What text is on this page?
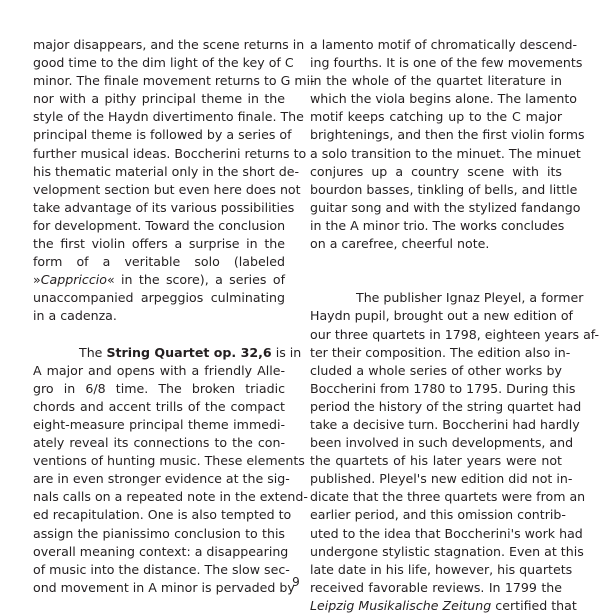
major disappears, and the scene returns in
good time to the dim light of the key of C
minor. The finale movement returns to G mi-
nor with a pithy principal theme in the
style of the Haydn divertimento finale. The
principal theme is followed by a series of
further musical ideas. Boccherini returns to
his thematic material only in the short de-
velopment section but even here does not
take advantage of its various possibilities
for development. Toward the conclusion
the first violin offers a surprise in the
form of a veritable solo (labeled
»Cappriccio« in the score), a series of
unaccompanied arpeggios culminating
in a cadenza.
The String Quartet op. 32,6 is in
A major and opens with a friendly Alle-
gro in 6/8 time. The broken triadic
chords and accent trills of the compact
eight-measure principal theme immedi-
ately reveal its connections to the con-
ventions of hunting music. These elements
are in even stronger evidence at the sig-
nals calls on a repeated note in the extend-
ed recapitulation. One is also tempted to
assign the pianissimo conclusion to this
overall meaning context: a disappearing
of music into the distance. The slow sec-
ond movement in A minor is pervaded by
a lamento motif of chromatically descend-
ing fourths. It is one of the few movements
in the whole of the quartet literature in
which the viola begins alone. The lamento
motif keeps catching up to the C major
brightenings, and then the first violin forms
a solo transition to the minuet. The minuet
conjures up a country scene with its
bourdon basses, tinkling of bells, and little
guitar song and with the stylized fandango
in the A minor trio. The works concludes
on a carefree, cheerful note.
The publisher Ignaz Pleyel, a former
Haydn pupil, brought out a new edition of
our three quartets in 1798, eighteen years af-
ter their composition. The edition also in-
cluded a whole series of other works by
Boccherini from 1780 to 1795. During this
period the history of the string quartet had
take a decisive turn. Boccherini had hardly
been involved in such developments, and
the quartets of his later years were not
published. Pleyel's new edition did not in-
dicate that the three quartets were from an
earlier period, and this omission contrib-
uted to the idea that Boccherini's work had
undergone stylistic stagnation. Even at this
late date in his life, however, his quartets
received favorable reviews. In 1799 the
Leipzig Musikalische Zeitung certified that
9
